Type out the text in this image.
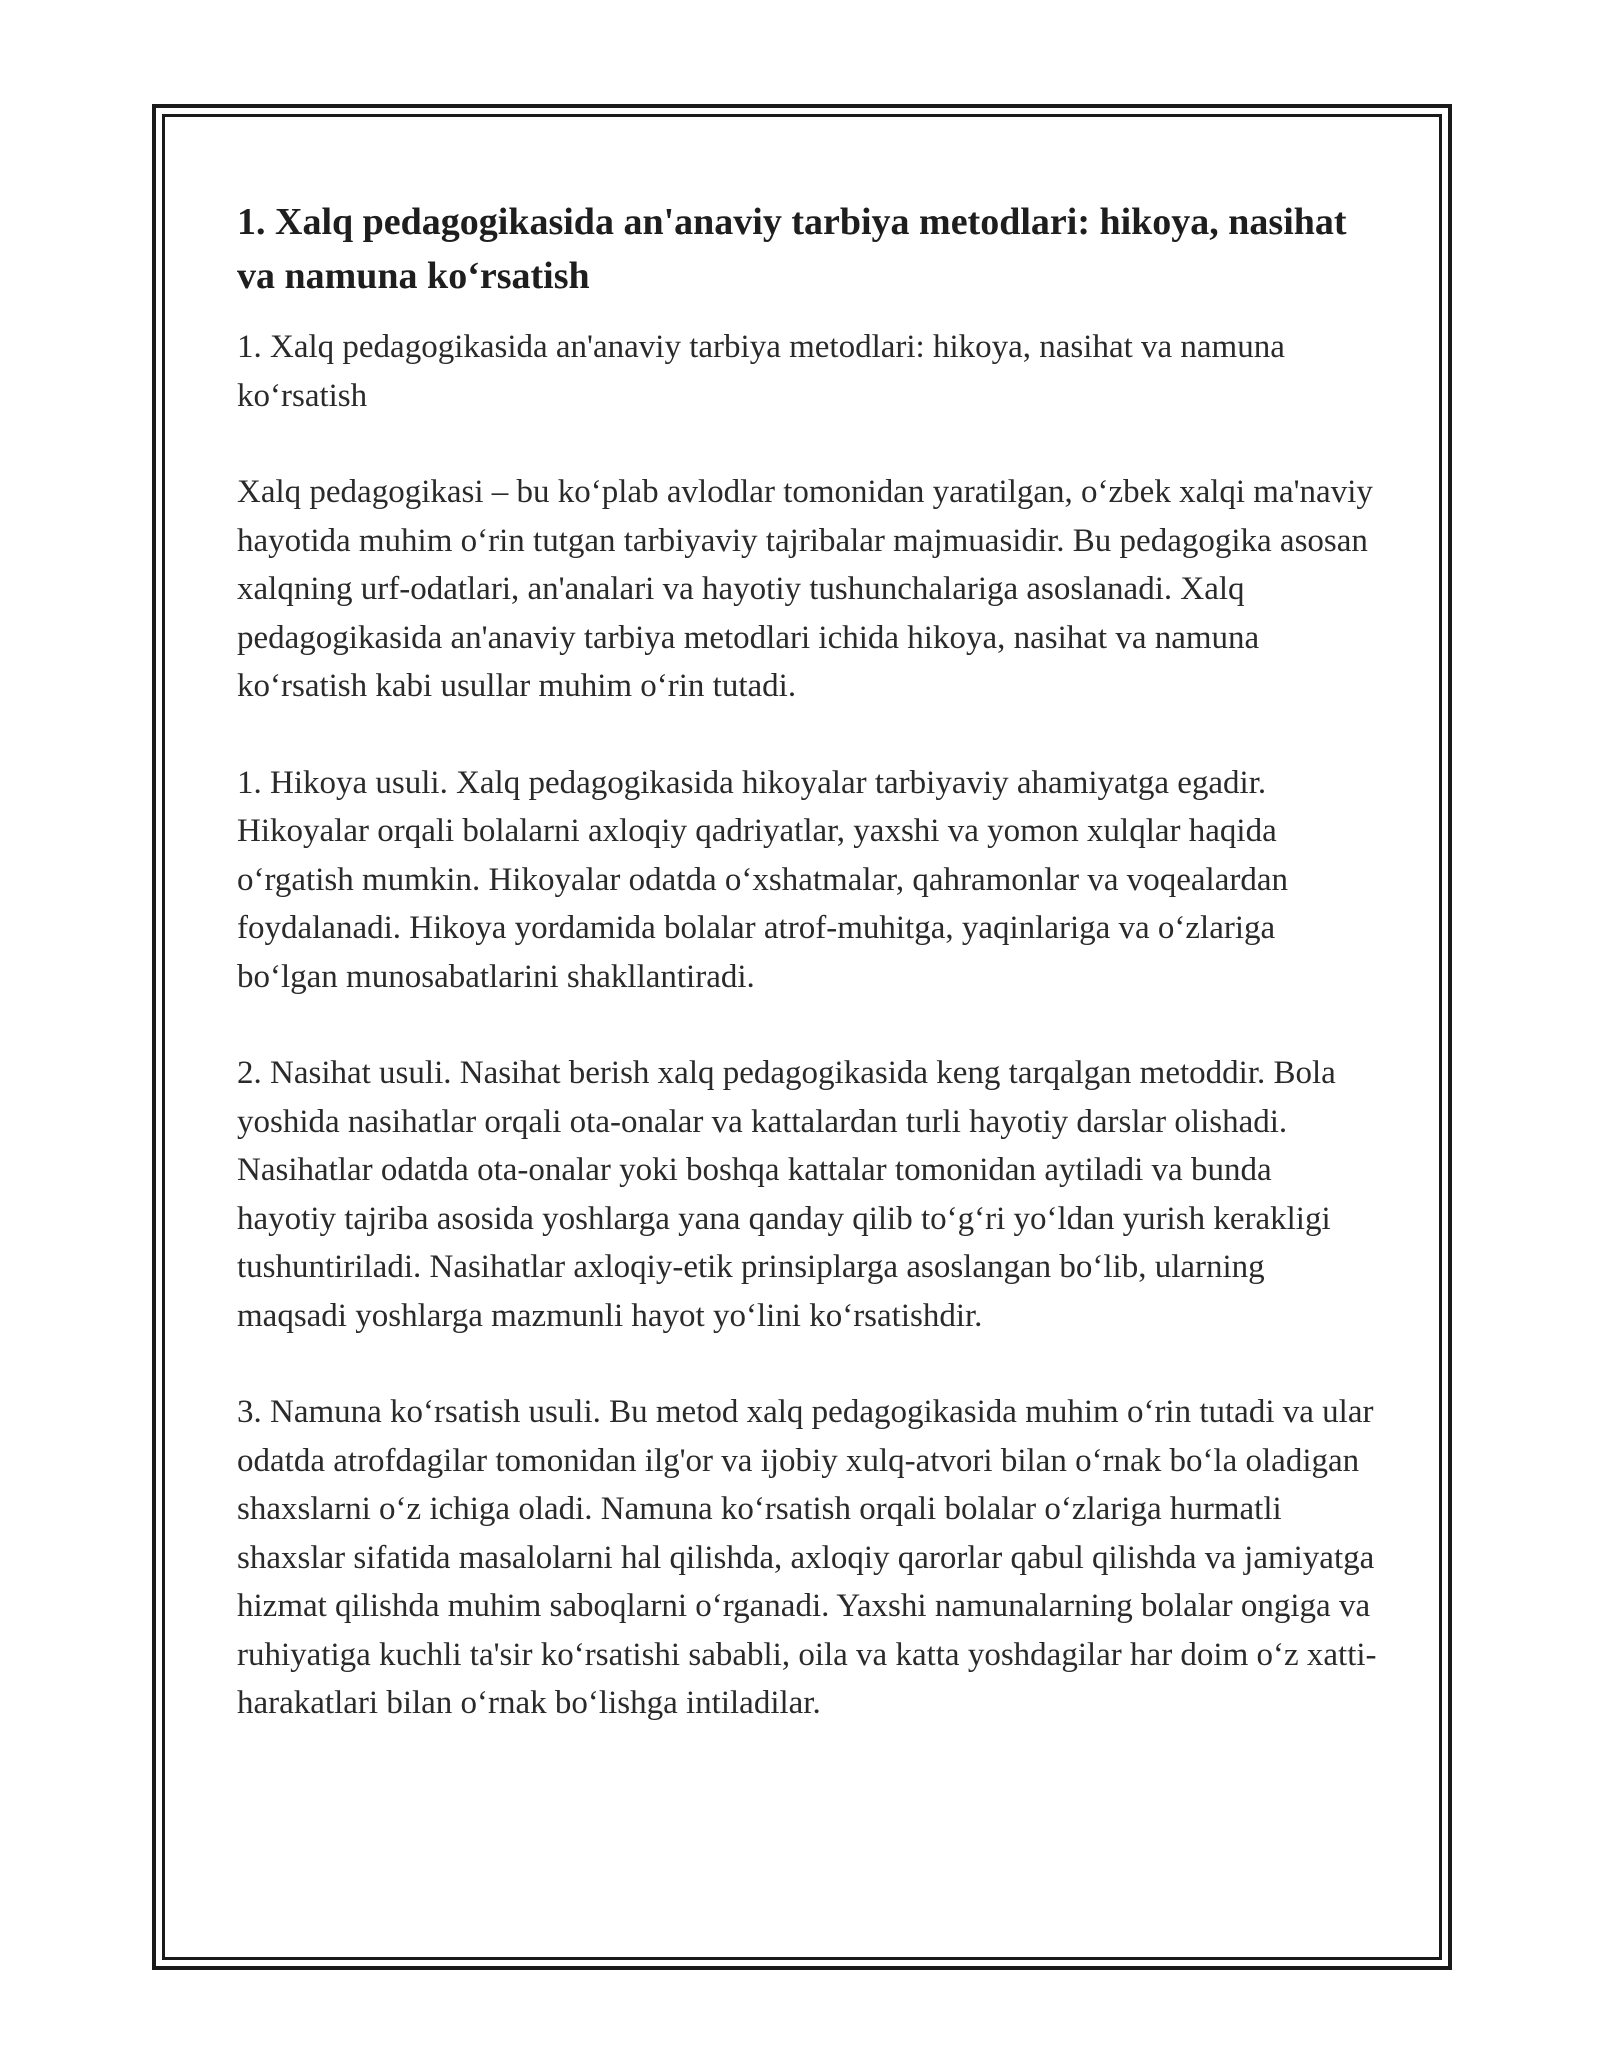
1. Xalq pedagogikasida an'anaviy tarbiya metodlari: hikoya, nasihat va namuna ko‘rsatish

1. Xalq pedagogikasida an'anaviy tarbiya metodlari: hikoya, nasihat va namuna ko‘rsatish

Xalq pedagogikasi – bu ko‘plab avlodlar tomonidan yaratilgan, o‘zbek xalqi ma'naviy hayotida muhim o‘rin tutgan tarbiyaviy tajribalar majmuasidir. Bu pedagogika asosan xalqning urf-odatlari, an'analari va hayotiy tushunchalariga asoslanadi. Xalq pedagogikasida an'anaviy tarbiya metodlari ichida hikoya, nasihat va namuna ko‘rsatish kabi usullar muhim o‘rin tutadi.

1. Hikoya usuli. Xalq pedagogikasida hikoyalar tarbiyaviy ahamiyatga egadir. Hikoyalar orqali bolalarni axloqiy qadriyatlar, yaxshi va yomon xulqlar haqida o‘rgatish mumkin. Hikoyalar odatda o‘xshatmalar, qahramonlar va voqealardan foydalanadi. Hikoya yordamida bolalar atrof-muhitga, yaqinlariga va o‘zlariga bo‘lgan munosabatlarini shakllantiradi.

2. Nasihat usuli. Nasihat berish xalq pedagogikasida keng tarqalgan metoddir. Bola yoshida nasihatlar orqali ota-onalar va kattalardan turli hayotiy darslar olishadi. Nasihatlar odatda ota-onalar yoki boshqa kattalar tomonidan aytiladi va bunda hayotiy tajriba asosida yoshlarga yana qanday qilib to‘g‘ri yo‘ldan yurish kerakligi tushuntiriladi. Nasihatlar axloqiy-etik prinsiplarga asoslangan bo‘lib, ularning maqsadi yoshlarga mazmunli hayot yo‘lini ko‘rsatishdir.

3. Namuna ko‘rsatish usuli. Bu metod xalq pedagogikasida muhim o‘rin tutadi va ular odatda atrofdagilar tomonidan ilg'or va ijobiy xulq-atvori bilan o‘rnak bo‘la oladigan shaxslarni o‘z ichiga oladi. Namuna ko‘rsatish orqali bolalar o‘zlariga hurmatli shaxslar sifatida masalolarni hal qilishda, axloqiy qarorlar qabul qilishda va jamiyatga hizmat qilishda muhim saboqlarni o‘rganadi. Yaxshi namunalarning bolalar ongiga va ruhiyatiga kuchli ta'sir ko‘rsatishi sababli, oila va katta yoshdagilar har doim o‘z xatti-harakatlari bilan o‘rnak bo‘lishga intiladilar.
